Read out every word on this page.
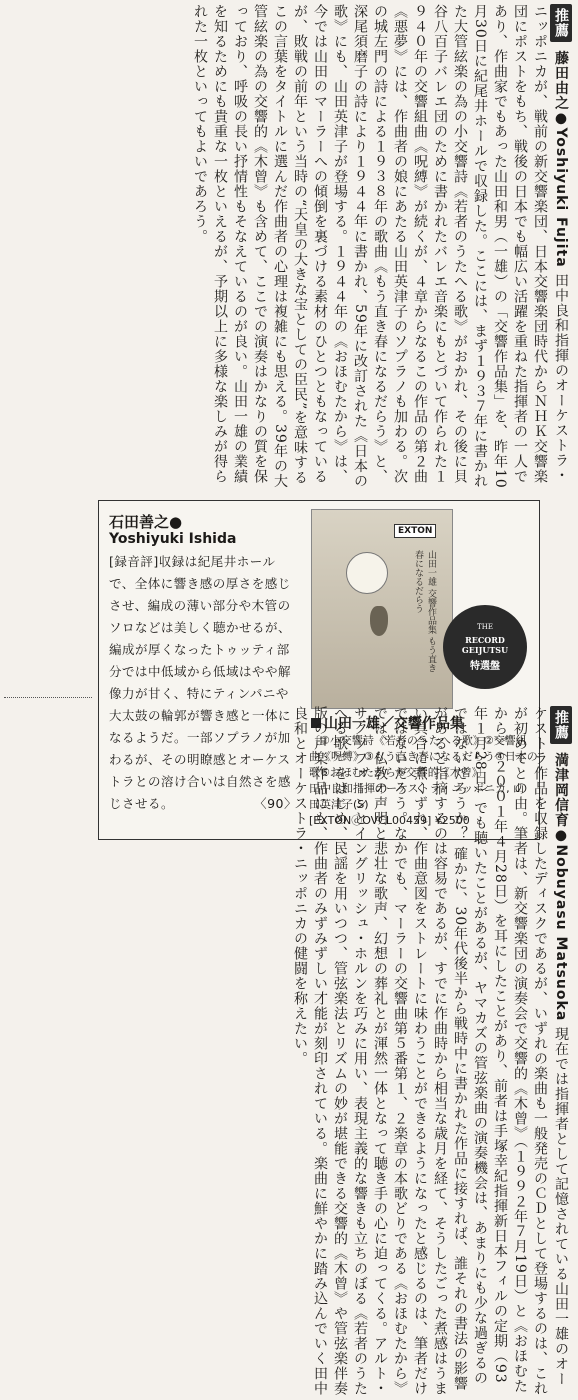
推薦 藤田由之●Yoshiyuki Fujita 田中良和指揮のオーケストラ・ニッポニカが、戦前の新交響楽団、日本交響楽団時代からＮＨＫ交響楽団にポストをもち、戦後の日本でも幅広い活躍を重ねた指揮者の一人であり、作曲家でもあった山田和男（一雄）の「交響作品集」を、昨年10月30日に紀尾井ホールで収録した。ここには、まず１９３７年に書かれた大管絃楽の為の小交響詩《若者のうたへる歌》がおかれ、その後に貝谷八百子バレエ団のために書かれたバレエ音楽にもとづいて作られた１９４０年の交響組曲《呪縛》が続くが、４章からなるこの作品の第２曲《悪夢》には、作曲者の娘にあたる山田英津子のソプラノも加わる。次の城左門の詩による１９３８年の歌曲《もう直き春になるだらう》と、深尾須磨子の詩により１９４４年に書かれ、59年に改訂された《日本の歌》にも、山田英津子が登場する。１９４４年の《おほむたから》は、今では山田のマーラーへの傾倒を裏づける素材のひとつともなっているが、敗戦の前年という当時の“天皇の大きな宝としての臣民”を意味するこの言葉をタイトルに選んだ作曲者の心理は複雑にも思える。39年の大管絃楽の為の交響的《木曾》も含めて、ここでの演奏はかなりの質を保っており、呼吸の長い抒情性もそなえているのが良い。山田一雄の業績を知るためにも貴重な一枚といえるが、予期以上に多様な楽しみが得られた一枚といってもよいであろう。
石田善之●
Yoshiyuki Ishida
[録音評]収録は紀尾井ホールで、全体に響き感の厚さを感じさせ、編成の薄い部分や木管のソロなどは美しく聴かせるが、編成が厚くなったトゥッティ部分では中低域から低域はやや解像力が甘く、特にティンパニや大太鼓の輪郭が響き感と一体になるようだ。一部ソプラノが加わるが、その明瞭感とオーケストラとの溶け合いは自然さを感じさせる。	〈90〉
EXTON
山田一雄 交響作品集 もう直き春になるだらう
THE
RECORD GEIJUTSU
特選盤
山田一雄／交響作品集
〔①小交響詩《若者のうたへる歌》②交響組
曲《呪縛》③もう直き春になるだらう④日本の
歌⑤おほむたから⑥交響的《木曾》〕
田中良和指揮オーケストラ・ニッポニカ, 山
田英津子(S)
[EXTONⓓOVCL00459] ¥2500
推薦 満津岡信育●Nobuyasu Matsuoka 現在では指揮者として記憶されている山田一雄のオーケストラ作品を収録したディスクであるが、いずれの楽曲も一般発売のＣＤとして登場するのは、これが初めてとの由。筆者は、新交響楽団の演奏会で交響的《木曾》（１９９２年７月19日）と《おほむたから》（２００１年４月28日）を耳にしたことがあり、前者は手塚幸紀指揮新日本フィルの定期（93年１月28日）でも聴いたことがあるが、ヤマカズの管弦楽曲の演奏機会は、あまりにも少な過ぎるのではないだろうか？ 確かに、30年代後半から戦時中に書かれた作品に接すれば、誰それの書法の影響があると指摘するのは容易であるが、すでに作曲時から相当な歳月を経て、そうしたごった煮感はうまい具合に煮くずれ、作曲意図をストレートに味わうことができるようになったと感じるのは、筆者だけではないだろう。なかでも、マーラーの交響曲第５番第１、２楽章の本歌どりである《おほむたから》では、仏教の声明と悲壮な歌声、幻想の葬礼とが渾然一体となって聴き手の心に迫ってくる。アルト・サクソフォーンとイングリッシュ・ホルンを巧みに用い、表現主義的な響きも立ちのぼる《若者のうたへる歌》をはじめ、民謡を用いつつ、管弦楽法とリズムの妙が堪能できる交響的《木曾》や管弦楽伴奏版の声楽作品にも、作曲者のみずみずしい才能が刻印されている。楽曲に鮮やかに踏み込んでいく田中良和とオーケストラ・ニッポニカの健闘を称えたい。
